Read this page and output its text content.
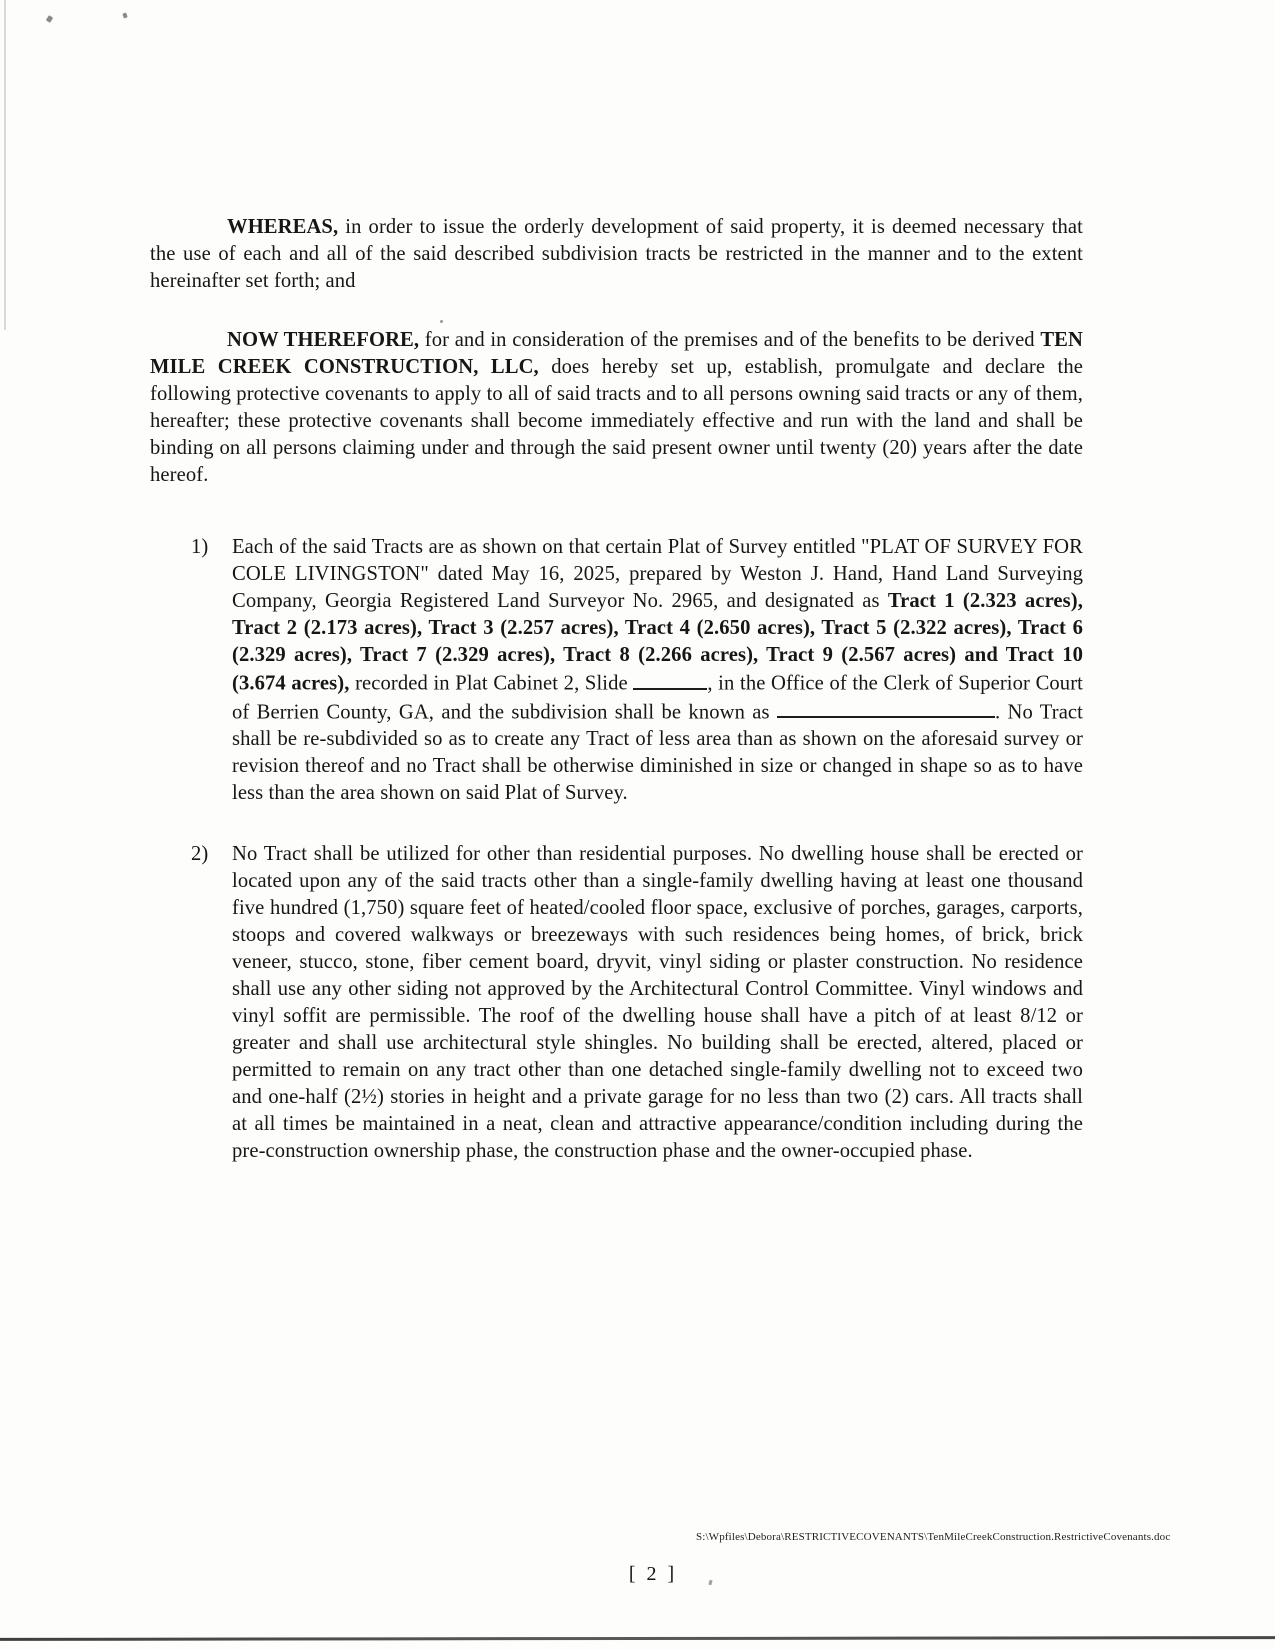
WHEREAS, in order to issue the orderly development of said property, it is deemed necessary that the use of each and all of the said described subdivision tracts be restricted in the manner and to the extent hereinafter set forth; and

NOW THEREFORE, for and in consideration of the premises and of the benefits to be derived TEN MILE CREEK CONSTRUCTION, LLC, does hereby set up, establish, promulgate and declare the following protective covenants to apply to all of said tracts and to all persons owning said tracts or any of them, hereafter; these protective covenants shall become immediately effective and run with the land and shall be binding on all persons claiming under and through the said present owner until twenty (20) years after the date hereof.

1) Each of the said Tracts are as shown on that certain Plat of Survey entitled "PLAT OF SURVEY FOR COLE LIVINGSTON" dated May 16, 2025, prepared by Weston J. Hand, Hand Land Surveying Company, Georgia Registered Land Surveyor No. 2965, and designated as Tract 1 (2.323 acres), Tract 2 (2.173 acres), Tract 3 (2.257 acres), Tract 4 (2.650 acres), Tract 5 (2.322 acres), Tract 6 (2.329 acres), Tract 7 (2.329 acres), Tract 8 (2.266 acres), Tract 9 (2.567 acres) and Tract 10 (3.674 acres), recorded in Plat Cabinet 2, Slide	, in the Office of the Clerk of Superior Court of Berrien County, GA, and the subdivision shall be known as	. No Tract shall be re-subdivided so as to create any Tract of less area than as shown on the aforesaid survey or revision thereof and no Tract shall be otherwise diminished in size or changed in shape so as to have less than the area shown on said Plat of Survey.
2) No Tract shall be utilized for other than residential purposes. No dwelling house shall be erected or located upon any of the said tracts other than a single-family dwelling having at least one thousand five hundred (1,750) square feet of heated/cooled floor space, exclusive of porches, garages, carports, stoops and covered walkways or breezeways with such residences being homes, of brick, brick veneer, stucco, stone, fiber cement board, dryvit, vinyl siding or plaster construction. No residence shall use any other siding not approved by the Architectural Control Committee. Vinyl windows and vinyl soffit are permissible. The roof of the dwelling house shall have a pitch of at least 8/12 or greater and shall use architectural style shingles. No building shall be erected, altered, placed or permitted to remain on any tract other than one detached single-family dwelling not to exceed two and one-half (2½) stories in height and a private garage for no less than two (2) cars. All tracts shall at all times be maintained in a neat, clean and attractive appearance/condition including during the pre-construction ownership phase, the construction phase and the owner-occupied phase.
S:\Wpfiles\Debora\RESTRICTIVECOVENANTS\TenMileCreekConstruction.RestrictiveCovenants.doc
[ 2 ]
